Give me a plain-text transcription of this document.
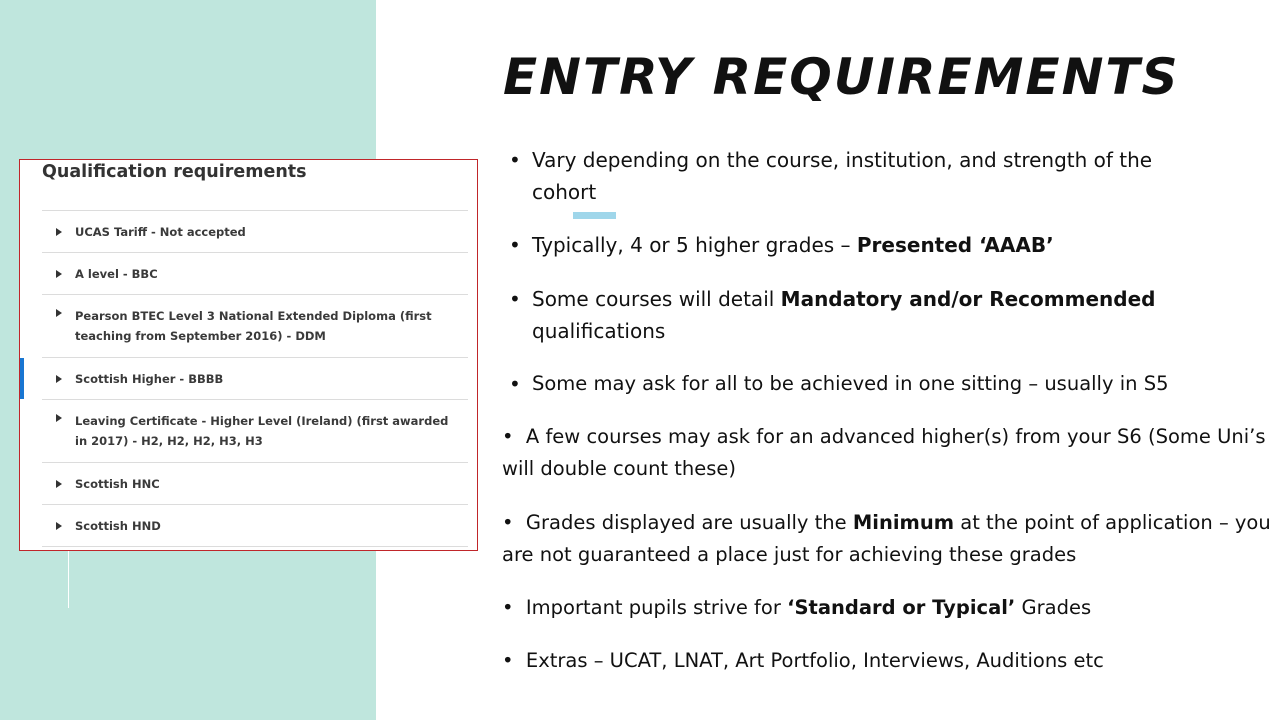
Qualification requirements
UCAS Tariff - Not accepted
A level - BBC
Pearson BTEC Level 3 National Extended Diploma (first teaching from September 2016) - DDM
Scottish Higher - BBBB
Leaving Certificate - Higher Level (Ireland) (first awarded in 2017) - H2, H2, H2, H3, H3
Scottish HNC
Scottish HND
ENTRY REQUIREMENTS
• Vary depending on the course, institution, and strength of the cohort
• Typically, 4 or 5 higher grades – Presented ‘AAAB’
• Some courses will detail Mandatory and/or Recommended qualifications
• Some may ask for all to be achieved in one sitting – usually in S5
•  A few courses may ask for an advanced higher(s) from your S6 (Some Uni’s will double count these)
•  Grades displayed are usually the Minimum at the point of application – you are not guaranteed a place just for achieving these grades
•  Important pupils strive for ‘Standard or Typical’ Grades
•  Extras – UCAT, LNAT, Art Portfolio, Interviews, Auditions etc
